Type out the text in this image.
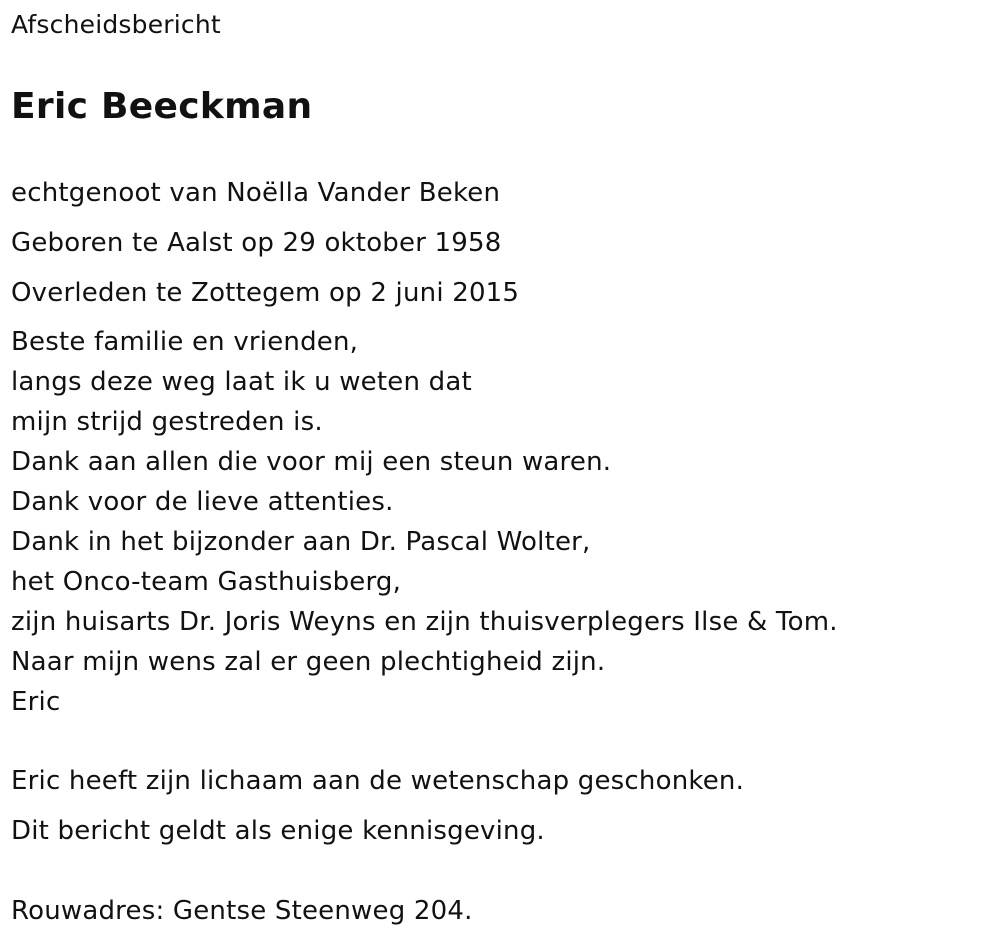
Afscheidsbericht
Eric Beeckman
echtgenoot van Noëlla Vander Beken
Geboren te Aalst op 29 oktober 1958
Overleden te Zottegem op 2 juni 2015
Beste familie en vrienden,
langs deze weg laat ik u weten dat
mijn strijd gestreden is.
Dank aan allen die voor mij een steun waren.
Dank voor de lieve attenties.
Dank in het bijzonder aan Dr. Pascal Wolter,
het Onco-team Gasthuisberg,
zijn huisarts Dr. Joris Weyns en zijn thuisverplegers Ilse & Tom.
Naar mijn wens zal er geen plechtigheid zijn.
Eric
Eric heeft zijn lichaam aan de wetenschap geschonken.
Dit bericht geldt als enige kennisgeving.
Rouwadres: Gentse Steenweg 204.
